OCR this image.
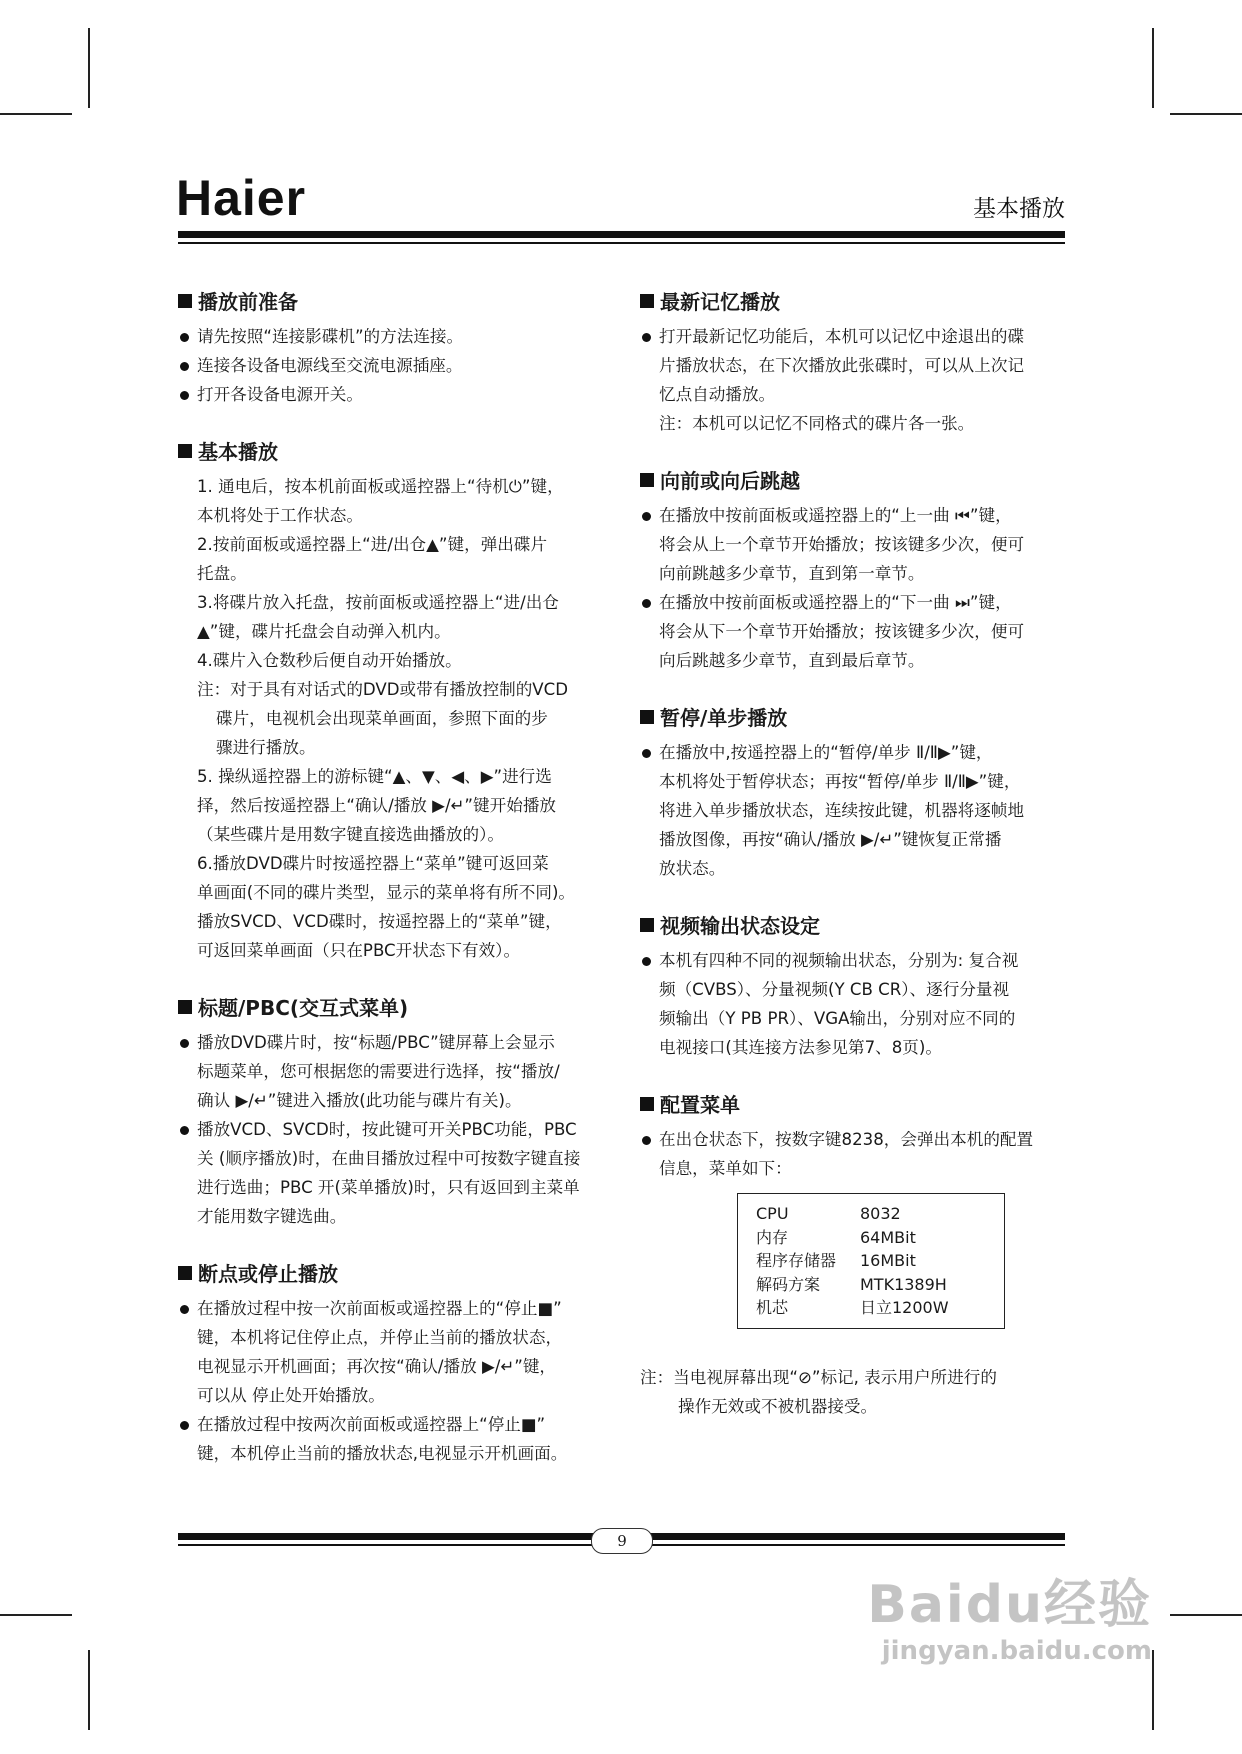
Haier	基本播放
播放前准备
请先按照“连接影碟机”的方法连接。
连接各设备电源线至交流电源插座。
打开各设备电源开关。
基本播放
1. 通电后，按本机前面板或遥控器上“待机⏻”键，
本机将处于工作状态。
2.按前面板或遥控器上“进/出仓▲”键，弹出碟片
托盘。
3.将碟片放入托盘，按前面板或遥控器上“进/出仓
▲”键，碟片托盘会自动弹入机内。
4.碟片入仓数秒后便自动开始播放。
注：对于具有对话式的DVD或带有播放控制的VCD
碟片，电视机会出现菜单画面，参照下面的步
骤进行播放。
5. 操纵遥控器上的游标键“▲、▼、◀、▶”进行选
择，然后按遥控器上“确认/播放 ▶/↵”键开始播放
（某些碟片是用数字键直接选曲播放的）。
6.播放DVD碟片时按遥控器上“菜单”键可返回菜
单画面(不同的碟片类型，显示的菜单将有所不同)。
播放SVCD、VCD碟时，按遥控器上的“菜单”键，
可返回菜单画面（只在PBC开状态下有效）。
标题/PBC(交互式菜单)
播放DVD碟片时，按“标题/PBC”键屏幕上会显示
标题菜单，您可根据您的需要进行选择，按“播放/
确认 ▶/↵”键进入播放(此功能与碟片有关)。
播放VCD、SVCD时，按此键可开关PBC功能，PBC
关 (顺序播放)时，在曲目播放过程中可按数字键直接
进行选曲；PBC 开(菜单播放)时，只有返回到主菜单
才能用数字键选曲。
断点或停止播放
在播放过程中按一次前面板或遥控器上的“停止■”
键，本机将记住停止点，并停止当前的播放状态，
电视显示开机画面；再次按“确认/播放 ▶/↵”键，
可以从 停止处开始播放。
在播放过程中按两次前面板或遥控器上“停止■”
键，本机停止当前的播放状态,电视显示开机画面。
最新记忆播放
打开最新记忆功能后，本机可以记忆中途退出的碟
片播放状态，在下次播放此张碟时，可以从上次记
忆点自动播放。
注：本机可以记忆不同格式的碟片各一张。
向前或向后跳越
在播放中按前面板或遥控器上的“上一曲 ⏮”键，
将会从上一个章节开始播放；按该键多少次，便可
向前跳越多少章节，直到第一章节。
在播放中按前面板或遥控器上的“下一曲 ⏭”键，
将会从下一个章节开始播放；按该键多少次，便可
向后跳越多少章节，直到最后章节。
暂停/单步播放
在播放中,按遥控器上的“暂停/单步 Ⅱ/Ⅱ▶”键，
本机将处于暂停状态；再按“暂停/单步 Ⅱ/Ⅱ▶”键，
将进入单步播放状态，连续按此键，机器将逐帧地
播放图像，再按“确认/播放 ▶/↵”键恢复正常播
放状态。
视频输出状态设定
本机有四种不同的视频输出状态，分别为: 复合视
频（CVBS）、分量视频(Y CB CR）、逐行分量视
频输出（Y PB PR）、VGA输出，分别对应不同的
电视接口(其连接方法参见第7、8页)。
配置菜单
在出仓状态下，按数字键8238，会弹出本机的配置
信息，菜单如下：
CPU	8032
内存	64MBit
程序存储器	16MBit
解码方案	MTK1389H
机芯	日立1200W
注：当电视屏幕出现“⊘”标记, 表示用户所进行的
操作无效或不被机器接受。
9
Baidu经验
jingyan.baidu.com
